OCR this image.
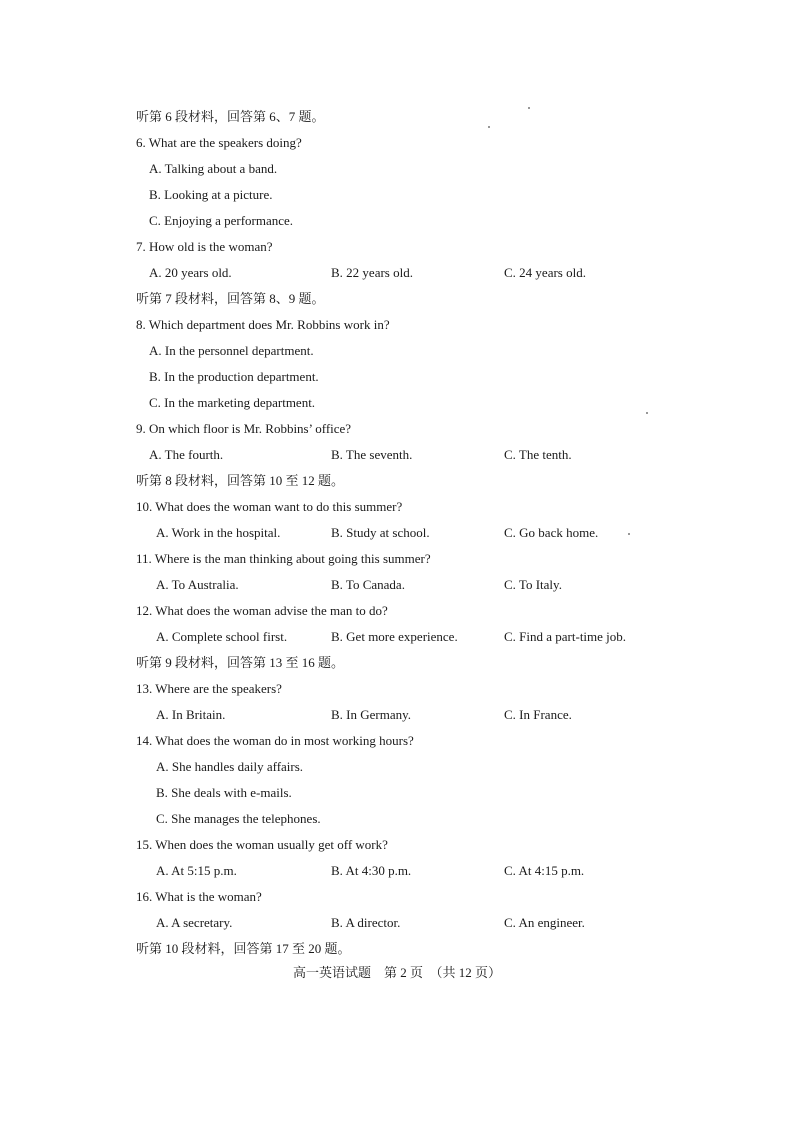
听第 6 段材料，回答第 6、7 题。
6. What are the speakers doing?
A. Talking about a band.
B. Looking at a picture.
C. Enjoying a performance.
7. How old is the woman?
A. 20 years old.	B. 22 years old.	C. 24 years old.
听第 7 段材料，回答第 8、9 题。
8. Which department does Mr. Robbins work in?
A. In the personnel department.
B. In the production department.
C. In the marketing department.
9. On which floor is Mr. Robbins’ office?
A. The fourth.	B. The seventh.	C. The tenth.
听第 8 段材料，回答第 10 至 12 题。
10. What does the woman want to do this summer?
A. Work in the hospital.	B. Study at school.	C. Go back home.
11. Where is the man thinking about going this summer?
A. To Australia.	B. To Canada.	C. To Italy.
12. What does the woman advise the man to do?
A. Complete school first.	B. Get more experience.	C. Find a part-time job.
听第 9 段材料，回答第 13 至 16 题。
13. Where are the speakers?
A. In Britain.	B. In Germany.	C. In France.
14. What does the woman do in most working hours?
A. She handles daily affairs.
B. She deals with e-mails.
C. She manages the telephones.
15. When does the woman usually get off work?
A. At 5:15 p.m.	B. At 4:30 p.m.	C. At 4:15 p.m.
16. What is the woman?
A. A secretary.	B. A director.	C. An engineer.
听第 10 段材料，回答第 17 至 20 题。
高一英语试题　第 2 页　（共 12 页）
